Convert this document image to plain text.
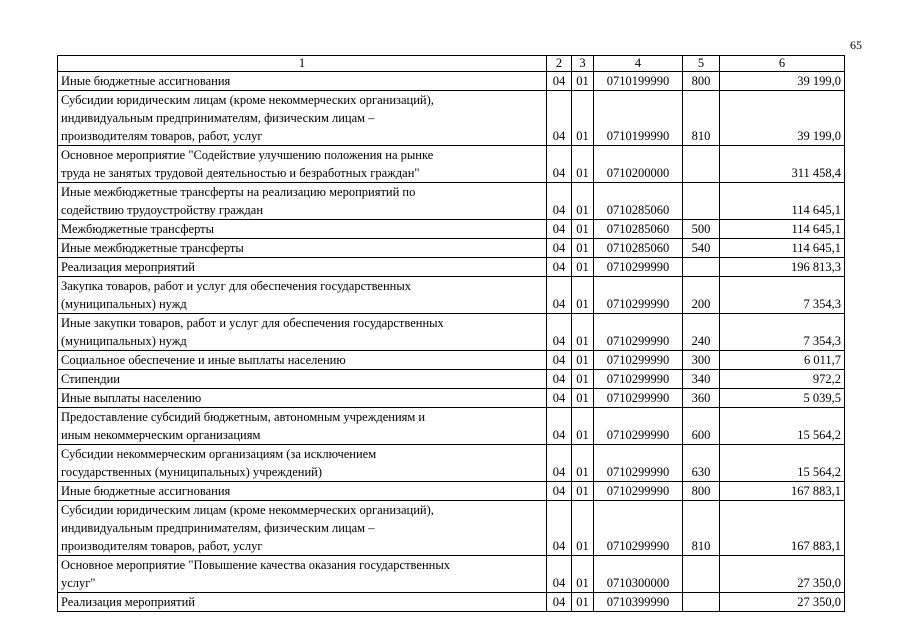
65
1	2	3	4	5	6

Иные бюджетные ассигнования	04	01	0710199990	800	39 199,0

Субсидии юридическим лицам (кроме некоммерческих организаций),
индивидуальным предпринимателям, физическим лицам –
производителям товаров, работ, услуг	04	01	0710199990	810	39 199,0

Основное мероприятие "Содействие улучшению положения на рынке
труда не занятых трудовой деятельностью и безработных граждан"	04	01	0710200000		311 458,4

Иные межбюджетные трансферты на реализацию мероприятий по
содействию трудоустройству граждан	04	01	0710285060		114 645,1

Межбюджетные трансферты	04	01	0710285060	500	114 645,1

Иные межбюджетные трансферты	04	01	0710285060	540	114 645,1

Реализация мероприятий	04	01	0710299990		196 813,3

Закупка товаров, работ и услуг для обеспечения государственных
(муниципальных) нужд	04	01	0710299990	200	7 354,3

Иные закупки товаров, работ и услуг для обеспечения государственных
(муниципальных) нужд	04	01	0710299990	240	7 354,3

Социальное обеспечение и иные выплаты населению	04	01	0710299990	300	6 011,7

Стипендии	04	01	0710299990	340	972,2

Иные выплаты населению	04	01	0710299990	360	5 039,5

Предоставление субсидий бюджетным, автономным учреждениям и
иным некоммерческим организациям	04	01	0710299990	600	15 564,2

Субсидии некоммерческим организациям (за исключением
государственных (муниципальных) учреждений)	04	01	0710299990	630	15 564,2

Иные бюджетные ассигнования	04	01	0710299990	800	167 883,1

Субсидии юридическим лицам (кроме некоммерческих организаций),
индивидуальным предпринимателям, физическим лицам –
производителям товаров, работ, услуг	04	01	0710299990	810	167 883,1

Основное мероприятие "Повышение качества оказания государственных
услуг"	04	01	0710300000		27 350,0

Реализация мероприятий	04	01	0710399990		27 350,0
